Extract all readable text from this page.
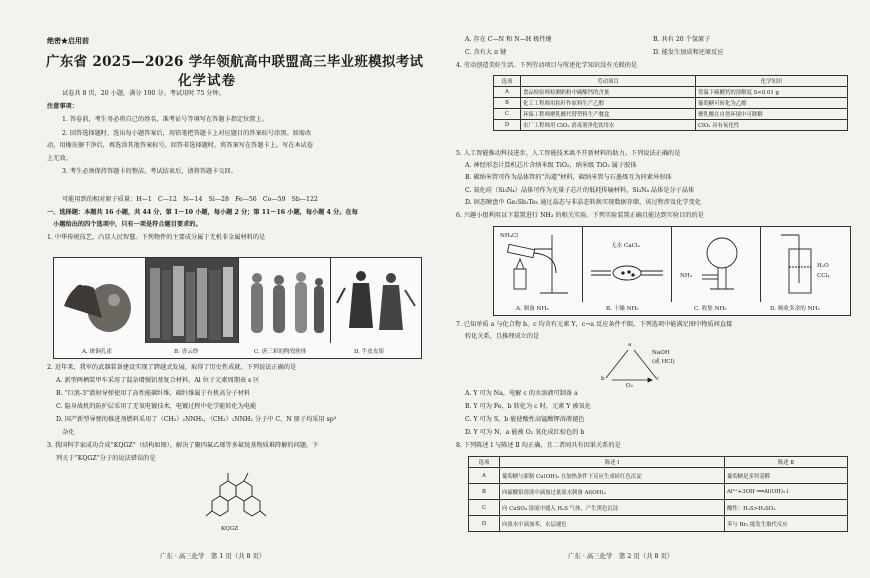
绝密★启用前
广东省 2025—2026 学年领航高中联盟高三毕业班模拟考试
化学试卷
试卷共 8 页，20 小题，满分 100 分。考试用时 75 分钟。
注意事项：
1. 答卷前，考生务必将自己的姓名、准考证号等填写在答题卡指定位置上。
2. 回答选择题时，选出每小题答案后，用铅笔把答题卡上对应题目的答案标号涂黑。如需改
动，用橡皮擦干净后，再选涂其他答案标号。回答非选择题时，将答案写在答题卡上。写在本试卷
上无效。
3. 考生必须保持答题卡的整洁。考试结束后，请将答题卡交回。
可能用到的相对原子质量：H—1　C—12　N—14　Si—28　Fe—56　Co—59　Sb—122
一、选择题：本题共 16 小题，共 44 分，第 1～10 小题，每小题 2 分；第 11～16 小题，每小题 4 分。在每
　小题给出的四个选项中，只有一项是符合题目要求的。
1. 中华传统技艺，凸显人民智慧。下列物件的主要成分属于无机非金属材料的是
A. 斑铜孔雀	B. 香云纱	C. 唐三彩的陶瓷胚体	D. 牛皮皮影
2. 近年来，我军的武器装备建设实现了跨越式发展，取得了历史性成就。下列说法正确的是
A. 新型两栖装甲车采用了混杂增强铝基复合材料，Al 位于元素周期表 s 区
B. “巨浪-3”潜射导弹使用了高性能碳纤维，碳纤维属于有机高分子材料
C. 隐身战机的防护层采用了无氧电镀技术，电镀过程中化学能转化为电能
D. 国产新型导弹的推进剂燃料采用了（CH₃）₂NNH₂，（CH₃）₂NNH₂ 分子中 C、N 原子均采用 sp³
　杂化
3. 我国科学家成功合成“KQGZ”（结构如图），解决了聚四氟乙烯等多氟烷基物质难降解的问题。下
列关于“KQGZ”分子的说法错误的是
KQGZ
广东 · 高三化学　第 1 页（共 8 页）
A. 存在 C—N 和 N—H 极性键	B. 共有 20 个氢原子
C. 含有大 π 键	D. 能发生加成和还原反应
4. 劳动创造美好生活。下列劳动项目与所述化学知识没有关联的是
选项	劳动项目	化学知识
A	食品检验师检测奶粉中碳酸钙的含量	常温下碳酸钙的溶解度 S<0.01 g
B	化工工程师用秸秆作原料生产乙醇	葡萄糖可转化为乙醇
C	环保工程师聚乳酸代替塑料生产餐盒	聚乳酸在自然环境中可降解
D	水厂工程师用 ClO₂ 消毒剂净化饮用水	ClO₂ 具有氧化性
5. 人工智能推动科技进步，人工智能技术离不开新材料的助力。下列说法正确的是
A. 神经形态计算机芯片含纳米级 TiO₂，纳米级 TiO₂ 属于胶体
B. 碳纳米管可作为晶体管的“沟道”材料，碳纳米管与石墨烯互为同素异形体
C. 氮化硅（Si₃N₄）晶体可作为光量子芯片的低耗传输材料，Si₃N₄ 晶体是分子晶体
D. 固态硬盘中 Ge₂Sb₂Te₅ 通过晶态与非晶态转换实现数据存储，该过程涉及化学变化
6. 兴趣小组利用以下装置进行 NH₃ 的相关实验。下列实验装置正确且能达到实验目的的是
NH₄Cl
无水 CaCl₂
NH₃
H₂O
CCl₄
A. 制备 NH₃	B. 干燥 NH₃	C. 收集 NH₃	D. 吸收多余的 NH₃
7. 已知单质 a 与化合物 b、c 均含有元素 Y，c→a 反应条件不限。下列选项中能满足图中物质间直接
转化关系，且推理成立的是
a
b	c
O₂
NaOH
(或 HCl)
A. Y 可为 Na，电解 c 的水溶液可制备 a
B. Y 可为 Fe，b 转化为 c 时，元素 Y 被氧化
C. Y 可为 S，b 能使酸性高锰酸钾溶液褪色
D. Y 可为 N，a 能被 O₂ 氧化成红棕色的 b
8. 下列陈述 Ⅰ 与陈述 Ⅱ 均正确，且二者间具有因果关系的是
选项	陈述 Ⅰ	陈述 Ⅱ
A	葡萄糖与新制 Cu(OH)₂ 在加热条件下反应生成砖红色沉淀	葡萄糖是多羟基醛
B	向硫酸铝溶液中滴加过量氨水制备 Al(OH)₃	Al³⁺+3OH⁻══Al(OH)₃↓
C	向 CuSO₄ 溶液中通入 H₂S 气体，产生黑色沉淀	酸性：H₂S>H₂SO₄
D	向溴水中滴加苯，水层褪色	苯与 Br₂ 能发生取代反应
广东 · 高三化学　第 2 页（共 8 页）
